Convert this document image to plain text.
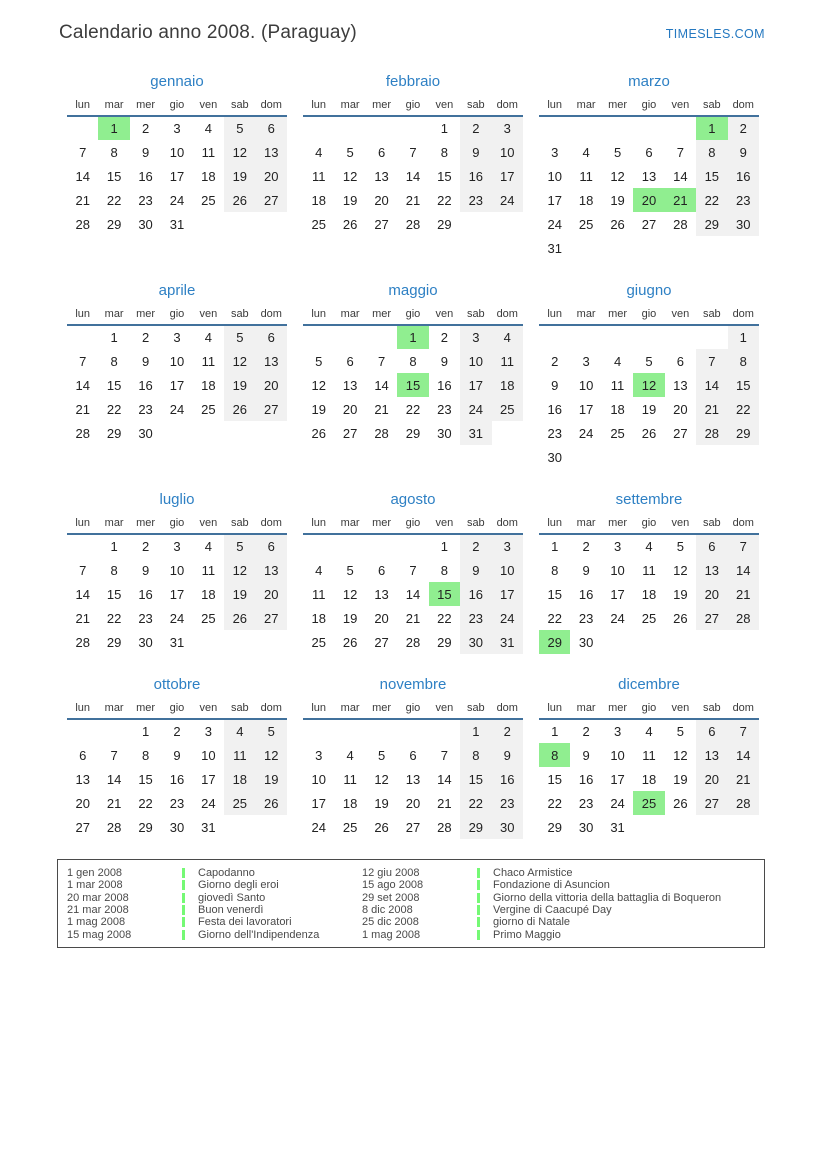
Calendario anno 2008. (Paraguay)	TIMESLES.COM
gennaio
lun	mar	mer	gio	ven	sab	dom
	1	2	3	4	5	6
7	8	9	10	11	12	13
14	15	16	17	18	19	20
21	22	23	24	25	26	27
28	29	30	31			
febbraio
lun	mar	mer	gio	ven	sab	dom
				1	2	3
4	5	6	7	8	9	10
11	12	13	14	15	16	17
18	19	20	21	22	23	24
25	26	27	28	29		
marzo
lun	mar	mer	gio	ven	sab	dom
					1	2
3	4	5	6	7	8	9
10	11	12	13	14	15	16
17	18	19	20	21	22	23
24	25	26	27	28	29	30
31						
aprile
lun	mar	mer	gio	ven	sab	dom
	1	2	3	4	5	6
7	8	9	10	11	12	13
14	15	16	17	18	19	20
21	22	23	24	25	26	27
28	29	30				
maggio
lun	mar	mer	gio	ven	sab	dom
			1	2	3	4
5	6	7	8	9	10	11
12	13	14	15	16	17	18
19	20	21	22	23	24	25
26	27	28	29	30	31	
giugno
lun	mar	mer	gio	ven	sab	dom
						1
2	3	4	5	6	7	8
9	10	11	12	13	14	15
16	17	18	19	20	21	22
23	24	25	26	27	28	29
30						
luglio
lun	mar	mer	gio	ven	sab	dom
	1	2	3	4	5	6
7	8	9	10	11	12	13
14	15	16	17	18	19	20
21	22	23	24	25	26	27
28	29	30	31			
agosto
lun	mar	mer	gio	ven	sab	dom
				1	2	3
4	5	6	7	8	9	10
11	12	13	14	15	16	17
18	19	20	21	22	23	24
25	26	27	28	29	30	31
settembre
lun	mar	mer	gio	ven	sab	dom
1	2	3	4	5	6	7
8	9	10	11	12	13	14
15	16	17	18	19	20	21
22	23	24	25	26	27	28
29	30					
ottobre
lun	mar	mer	gio	ven	sab	dom
		1	2	3	4	5
6	7	8	9	10	11	12
13	14	15	16	17	18	19
20	21	22	23	24	25	26
27	28	29	30	31		
novembre
lun	mar	mer	gio	ven	sab	dom
					1	2
3	4	5	6	7	8	9
10	11	12	13	14	15	16
17	18	19	20	21	22	23
24	25	26	27	28	29	30
dicembre
lun	mar	mer	gio	ven	sab	dom
1	2	3	4	5	6	7
8	9	10	11	12	13	14
15	16	17	18	19	20	21
22	23	24	25	26	27	28
29	30	31				
1 gen 2008	Capodanno
1 mar 2008	Giorno degli eroi
20 mar 2008	giovedì Santo
21 mar 2008	Buon venerdì
1 mag 2008	Festa dei lavoratori
15 mag 2008	Giorno dell'Indipendenza
12 giu 2008	Chaco Armistice
15 ago 2008	Fondazione di Asuncion
29 set 2008	Giorno della vittoria della battaglia di Boqueron
8 dic 2008	Vergine di Caacupé Day
25 dic 2008	giorno di Natale
1 mag 2008	Primo Maggio
